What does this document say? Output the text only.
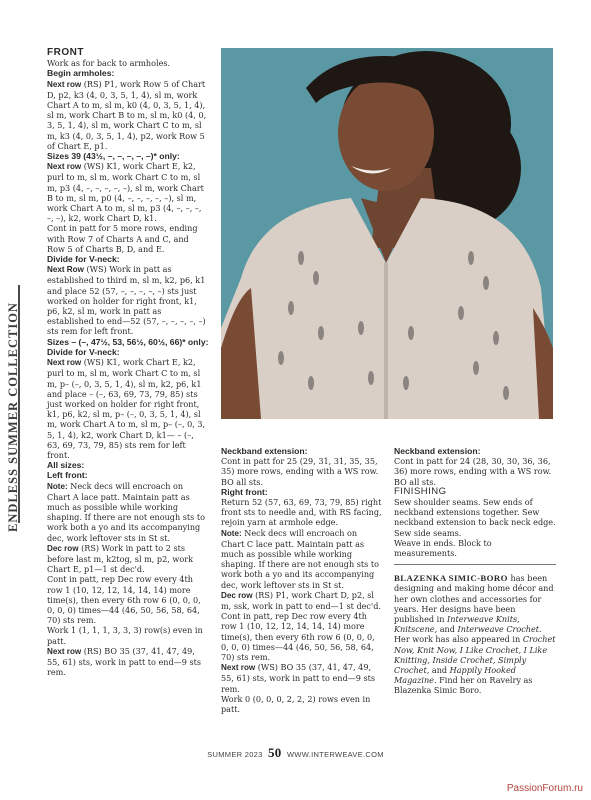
ENDLESS SUMMER COLLECTION

FRONT

Work as for back to armholes.

Begin armholes:

Next row (RS) P1, work Row 5 of Chart D, p2, k3 (4, 0, 3, 5, 1, 4), sl m, work Chart A to m, sl m, k0 (4, 0, 3, 5, 1, 4), sl m, work Chart B to m, sl m, k0 (4, 0, 3, 5, 1, 4), sl m, work Chart C to m, sl m, k3 (4, 0, 3, 5, 1, 4), p2, work Row 5 of Chart E, p1.

Sizes 39 (43½, –, –, –, –, –)* only:

Next row (WS) K1, work Chart E, k2, purl to m, sl m, work Chart C to m, sl m, p3 (4, –, –, –, –, –), sl m, work Chart B to m, sl m, p0 (4, –, –, –, –, –), sl m, work Chart A to m, sl m, p3 (4, –, –, –, –, –), k2, work Chart D, k1.

Cont in patt for 5 more rows, ending with Row 7 of Charts A and C, and Row 5 of Charts B, D, and E.

Divide for V-neck:

Next Row (WS) Work in patt as established to third m, sl m, k2, p6, k1 and place 52 (57, –, –, –, –, –) sts just worked on holder for right front, k1, p6, k2, sl m, work in patt as established to end—52 (57, –, –, –, –, –) sts rem for left front.

Sizes – (–, 47½, 53, 56½, 60½, 66)* only:

Divide for V-neck:

Next row (WS) K1, work Chart E, k2, purl to m, sl m, work Chart C to m, sl m, p– (–, 0, 3, 5, 1, 4), sl m, k2, p6, k1 and place – (–, 63, 69, 73, 79, 85) sts just worked on holder for right front, k1, p6, k2, sl m, p– (–, 0, 3, 5, 1, 4), sl m, work Chart A to m, sl m, p– (–, 0, 3, 5, 1, 4), k2, work Chart D, k1— – (–, 63, 69, 73, 79, 85) sts rem for left front.

All sizes:

Left front:

Note: Neck decs will encroach on Chart A lace patt. Maintain patt as much as possible while working shaping. If there are not enough sts to work both a yo and its accompanying dec, work leftover sts in St st.

Dec row (RS) Work in patt to 2 sts before last m, k2tog, sl m, p2, work Chart E, p1—1 st dec'd.

Cont in patt, rep Dec row every 4th row 1 (10, 12, 12, 14, 14, 14) more time(s), then every 6th row 6 (0, 0, 0, 0, 0, 0) times—44 (46, 50, 56, 58, 64, 70) sts rem.

Work 1 (1, 1, 1, 3, 3, 3) row(s) even in patt.

Next row (RS) BO 35 (37, 41, 47, 49, 55, 61) sts, work in patt to end—9 sts rem.

Neckband extension:

Cont in patt for 25 (29, 31, 31, 35, 35, 35) more rows, ending with a WS row.

BO all sts.

Right front:

Return 52 (57, 63, 69, 73, 79, 85) right front sts to needle and, with RS facing, rejoin yarn at armhole edge.

Note: Neck decs will encroach on Chart C lace patt. Maintain patt as much as possible while working shaping. If there are not enough sts to work both a yo and its accompanying dec, work leftover sts in St st.

Dec row (RS) P1, work Chart D, p2, sl m, ssk, work in patt to end—1 st dec'd.

Cont in patt, rep Dec row every 4th row 1 (10, 12, 12, 14, 14, 14) more time(s), then every 6th row 6 (0, 0, 0, 0, 0, 0) times—44 (46, 50, 56, 58, 64, 70) sts rem.

Next row (WS) BO 35 (37, 41, 47, 49, 55, 61) sts, work in patt to end—9 sts rem.

Work 0 (0, 0, 0, 2, 2, 2) rows even in patt.

Neckband extension:

Cont in patt for 24 (28, 30, 30, 36, 36, 36) more rows, ending with a WS row.

BO all sts.

FINISHING

Sew shoulder seams. Sew ends of neckband extensions together. Sew neckband extension to back neck edge. Sew side seams.

Weave in ends. Block to measurements.

BLAZENKA SIMIC-BORO has been designing and making home décor and her own clothes and accessories for years. Her designs have been published in Interweave Knits, Knitscene, and Interweave Crochet. Her work has also appeared in Crochet Now, Knit Now, I Like Crochet, I Like Knitting, Inside Crochet, Simply Crochet, and Happily Hooked Magazine. Find her on Ravelry as Blazenka Simic Boro.

SUMMER 2023 50 WWW.INTERWEAVE.COM
PassionForum.ru
